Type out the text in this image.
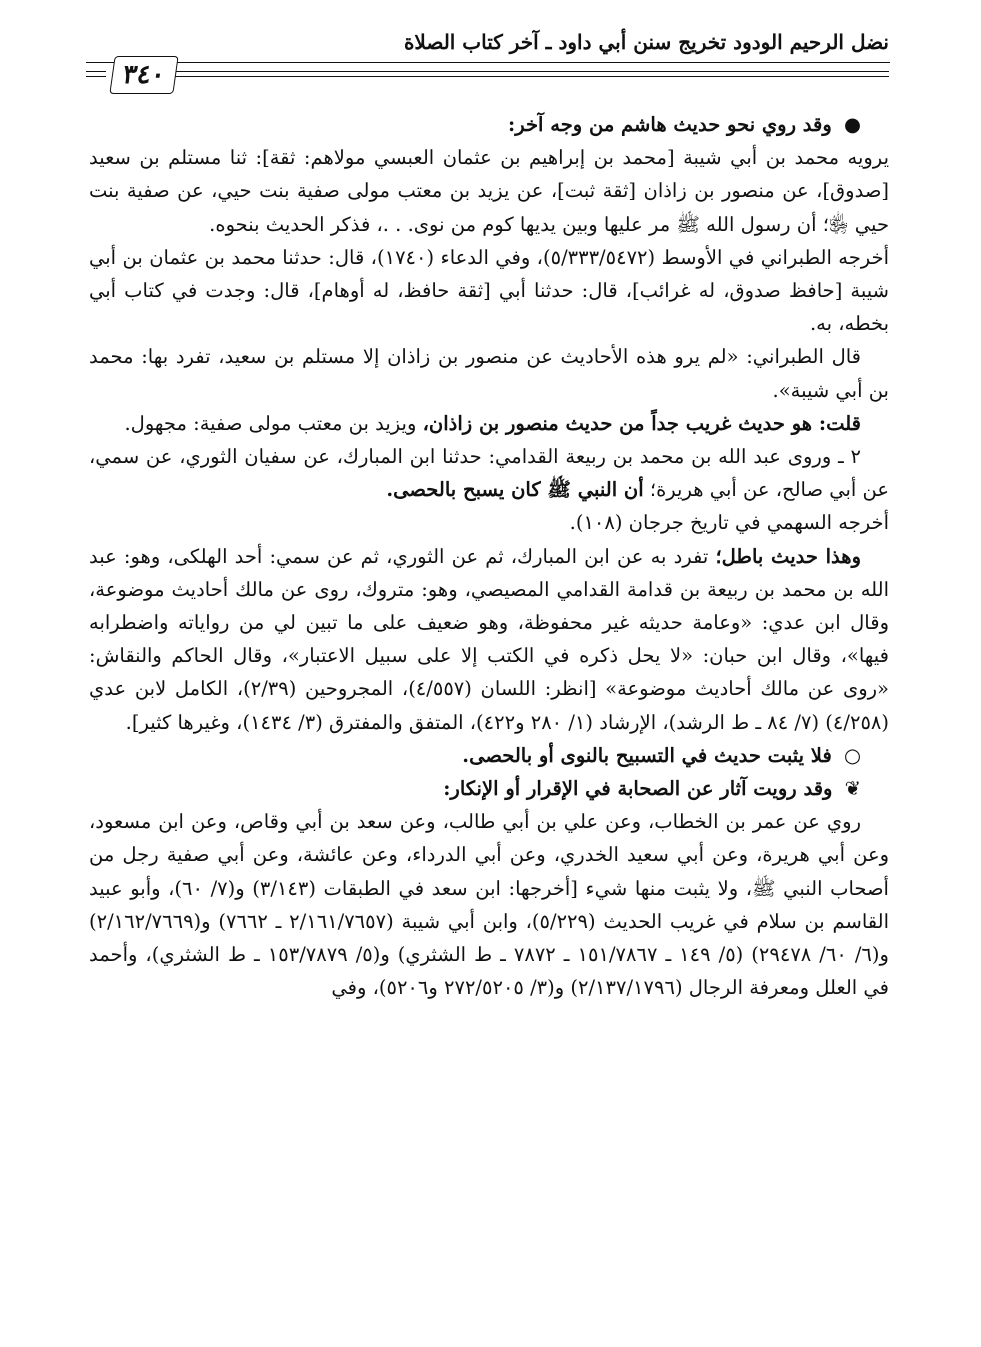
نضل الرحيم الودود تخريج سنن أبي داود ـ آخر كتاب الصلاة
٣٤٠

● وقد روي نحو حديث هاشم من وجه آخر:

يرويه محمد بن أبي شيبة [محمد بن إبراهيم بن عثمان العبسي مولاهم: ثقة]: ثنا مستلم بن سعيد [صدوق]، عن منصور بن زاذان [ثقة ثبت]، عن يزيد بن معتب مولى صفية بنت حيي، عن صفية بنت حيي ﵂؛ أن رسول الله ﷺ مر عليها وبين يديها كوم من نوى. . .، فذكر الحديث بنحوه.

أخرجه الطبراني في الأوسط (٥/٣٣٣/٥٤٧٢)، وفي الدعاء (١٧٤٠)، قال: حدثنا محمد بن عثمان بن أبي شيبة [حافظ صدوق، له غرائب]، قال: حدثنا أبي [ثقة حافظ، له أوهام]، قال: وجدت في كتاب أبي بخطه، به.

قال الطبراني: «لم يرو هذه الأحاديث عن منصور بن زاذان إلا مستلم بن سعيد، تفرد بها: محمد بن أبي شيبة».

قلت: هو حديث غريب جداً من حديث منصور بن زاذان، ويزيد بن معتب مولى صفية: مجهول.

٢ ـ وروى عبد الله بن محمد بن ربيعة القدامي: حدثنا ابن المبارك، عن سفيان الثوري، عن سمي، عن أبي صالح، عن أبي هريرة؛ أن النبي ﷺ كان يسبح بالحصى.

أخرجه السهمي في تاريخ جرجان (١٠٨).

وهذا حديث باطل؛ تفرد به عن ابن المبارك، ثم عن الثوري، ثم عن سمي: أحد الهلكى، وهو: عبد الله بن محمد بن ربيعة بن قدامة القدامي المصيصي، وهو: متروك، روى عن مالك أحاديث موضوعة، وقال ابن عدي: «وعامة حديثه غير محفوظة، وهو ضعيف على ما تبين لي من رواياته واضطرابه فيها»، وقال ابن حبان: «لا يحل ذكره في الكتب إلا على سبيل الاعتبار»، وقال الحاكم والنقاش: «روى عن مالك أحاديث موضوعة» [انظر: اللسان (٤/٥٥٧)، المجروحين (٢/٣٩)، الكامل لابن عدي (٤/٢٥٨) (٧/ ٨٤ ـ ط الرشد)، الإرشاد (١/ ٢٨٠ و٤٢٢)، المتفق والمفترق (٣/ ١٤٣٤)، وغيرها كثير].

○ فلا يثبت حديث في التسبيح بالنوى أو بالحصى.

❦ وقد رويت آثار عن الصحابة في الإقرار أو الإنكار:

روي عن عمر بن الخطاب، وعن علي بن أبي طالب، وعن سعد بن أبي وقاص، وعن ابن مسعود، وعن أبي هريرة، وعن أبي سعيد الخدري، وعن أبي الدرداء، وعن عائشة، وعن أبي صفية رجل من أصحاب النبي ﷺ، ولا يثبت منها شيء [أخرجها: ابن سعد في الطبقات (٣/١٤٣) و(٧/ ٦٠)، وأبو عبيد القاسم بن سلام في غريب الحديث (٥/٢٢٩)، وابن أبي شيبة (٢/١٦١/٧٦٥٧ ـ ٧٦٦٢) و(٢/١٦٢/٧٦٦٩) و(٦/ ٦٠/ ٢٩٤٧٨) (٥/ ١٤٩ ـ ١٥١/٧٨٦٧ ـ ٧٨٧٢ ـ ط الشثري) و(٥/ ١٥٣/٧٨٧٩ ـ ط الشثري)، وأحمد في العلل ومعرفة الرجال (٢/١٣٧/١٧٩٦) و(٣/ ٢٧٢/٥٢٠٥ و٥٢٠٦)، وفي
